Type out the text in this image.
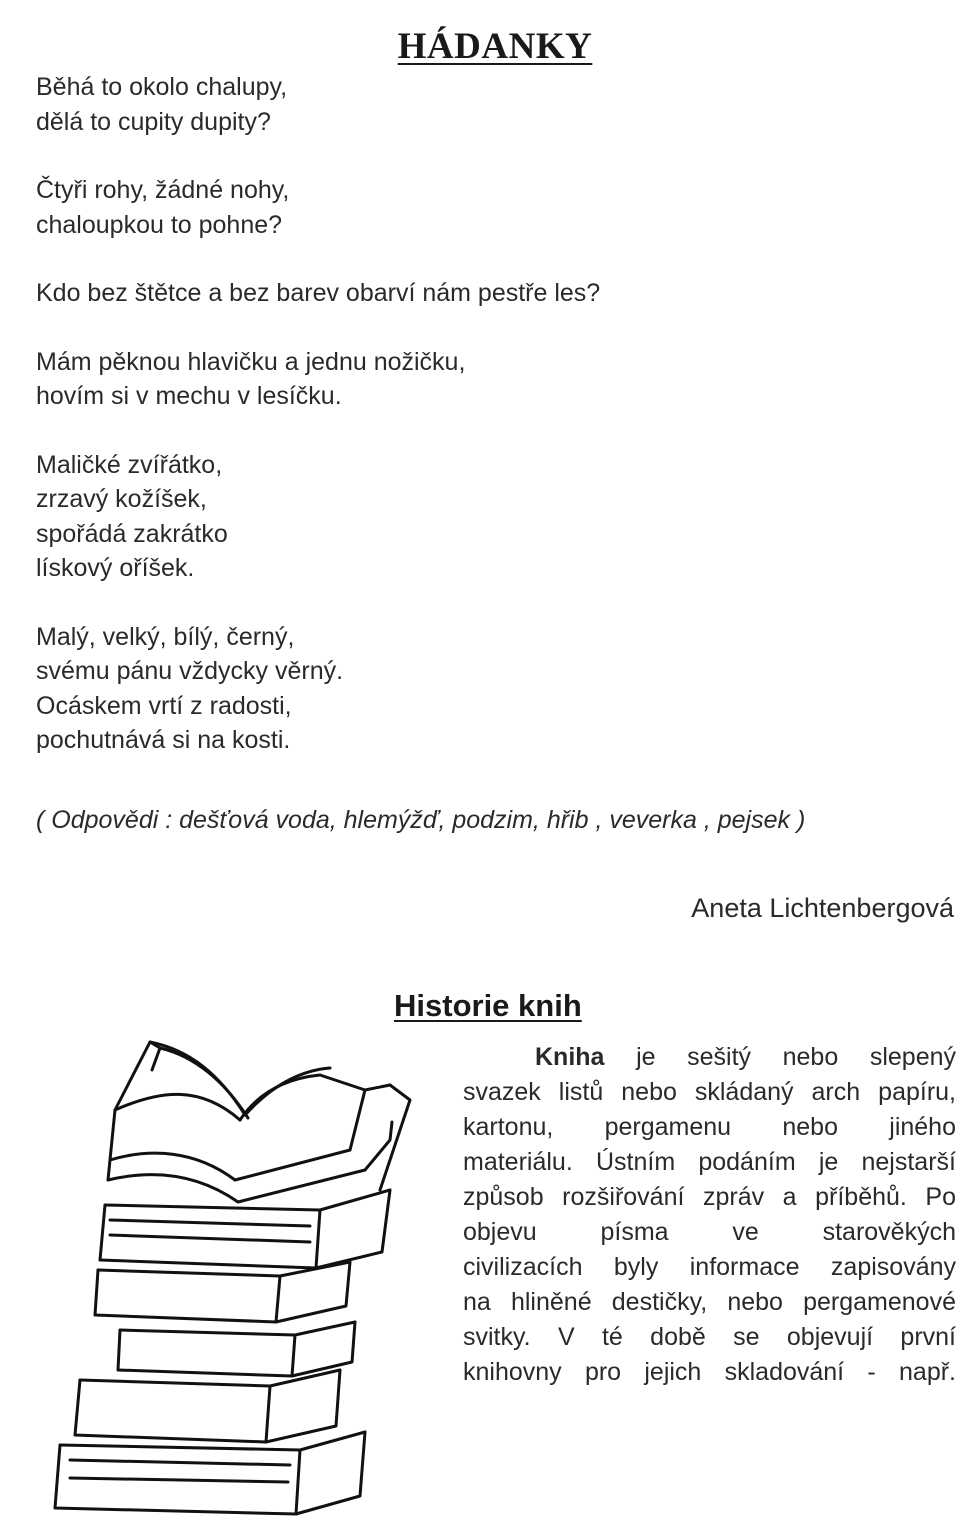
HÁDANKY
Běhá to okolo chalupy,
dělá to cupity dupity?
Čtyři rohy, žádné nohy,
chaloupkou to pohne?
Kdo bez štětce a bez barev obarví nám pestře les?
Mám pěknou hlavičku a jednu nožičku,
hovím si v mechu v lesíčku.
Maličké zvířátko,
zrzavý kožíšek,
spořádá zakrátko
lískový oříšek.
Malý, velký, bílý, černý,
svému pánu vždycky věrný.
Ocáskem vrtí z radosti,
pochutnává si na kosti.
( Odpovědi : dešťová voda, hlemýžď, podzim, hřib , veverka , pejsek )
Aneta Lichtenbergová
Historie knih
Kniha je sešitý nebo slepený
svazek listů nebo skládaný arch papíru,
kartonu, pergamenu nebo jiného
materiálu. Ústním podáním je nejstarší
způsob rozšiřování zpráv a příběhů. Po
objevu písma ve starověkých
civilizacích byly informace zapisovány
na hliněné destičky, nebo pergamenové
svitky. V té době se objevují první
knihovny pro jejich skladování - např.
